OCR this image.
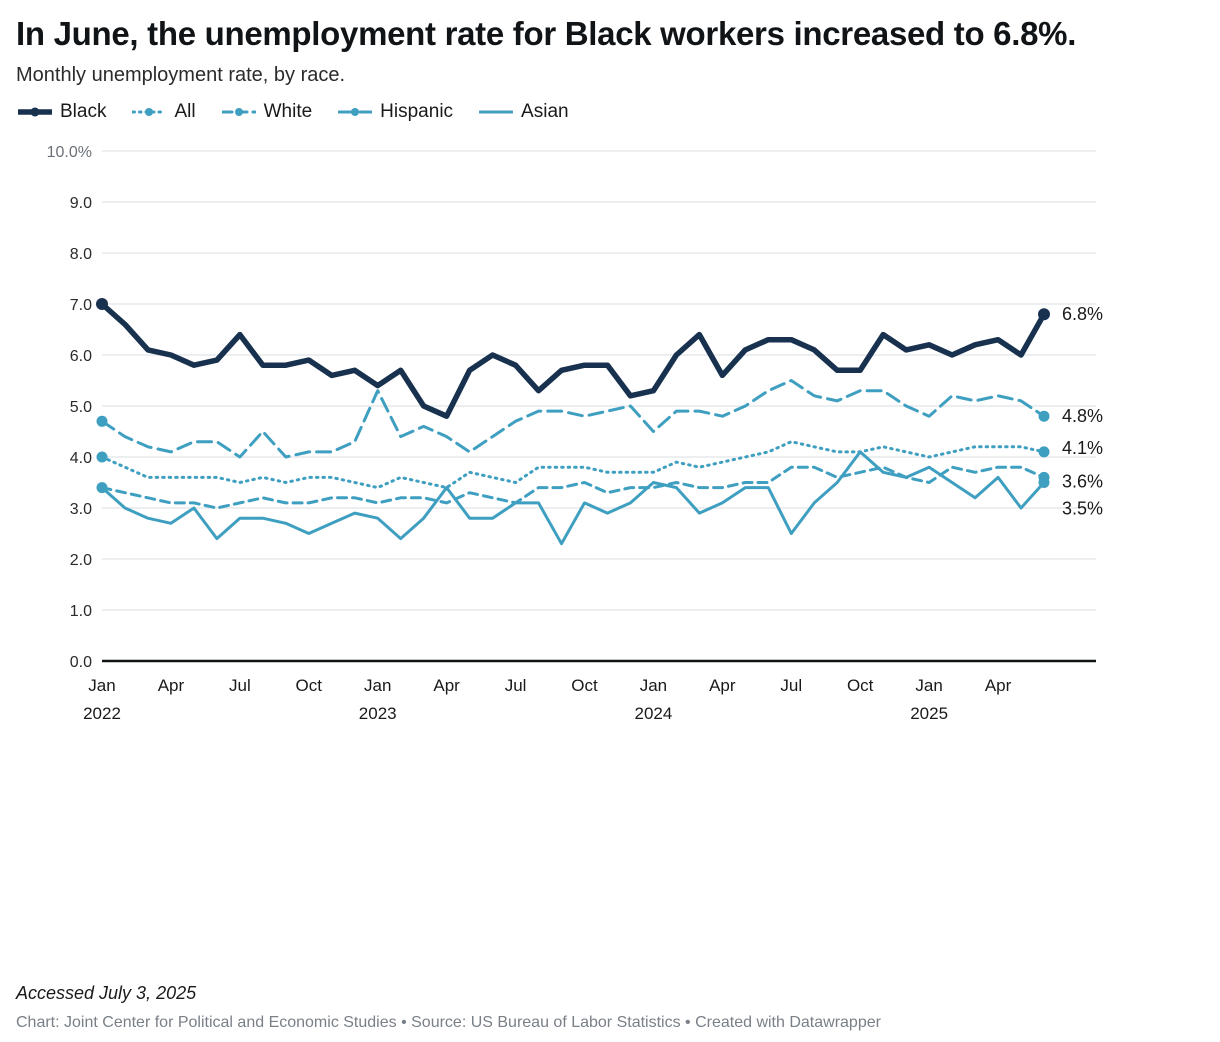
In June, the unemployment rate for Black workers increased to 6.8%.
Monthly unemployment rate, by race.
Black	All	White	Hispanic	Asian
0.0
1.0
2.0
3.0
4.0
5.0
6.0
7.0
8.0
9.0
10.0%
Jan
2022
Apr	Jul	Oct Jan
2023
Apr	Jul	Oct Jan
2024
Apr	Jul	Oct Jan
2025
Apr
6.8%
4.1%
3.6%
4.8%
3.5%
Accessed July 3, 2025
Chart: Joint Center for Political and Economic Studies • Source: US Bureau of Labor Statistics • Created with Datawrapper
